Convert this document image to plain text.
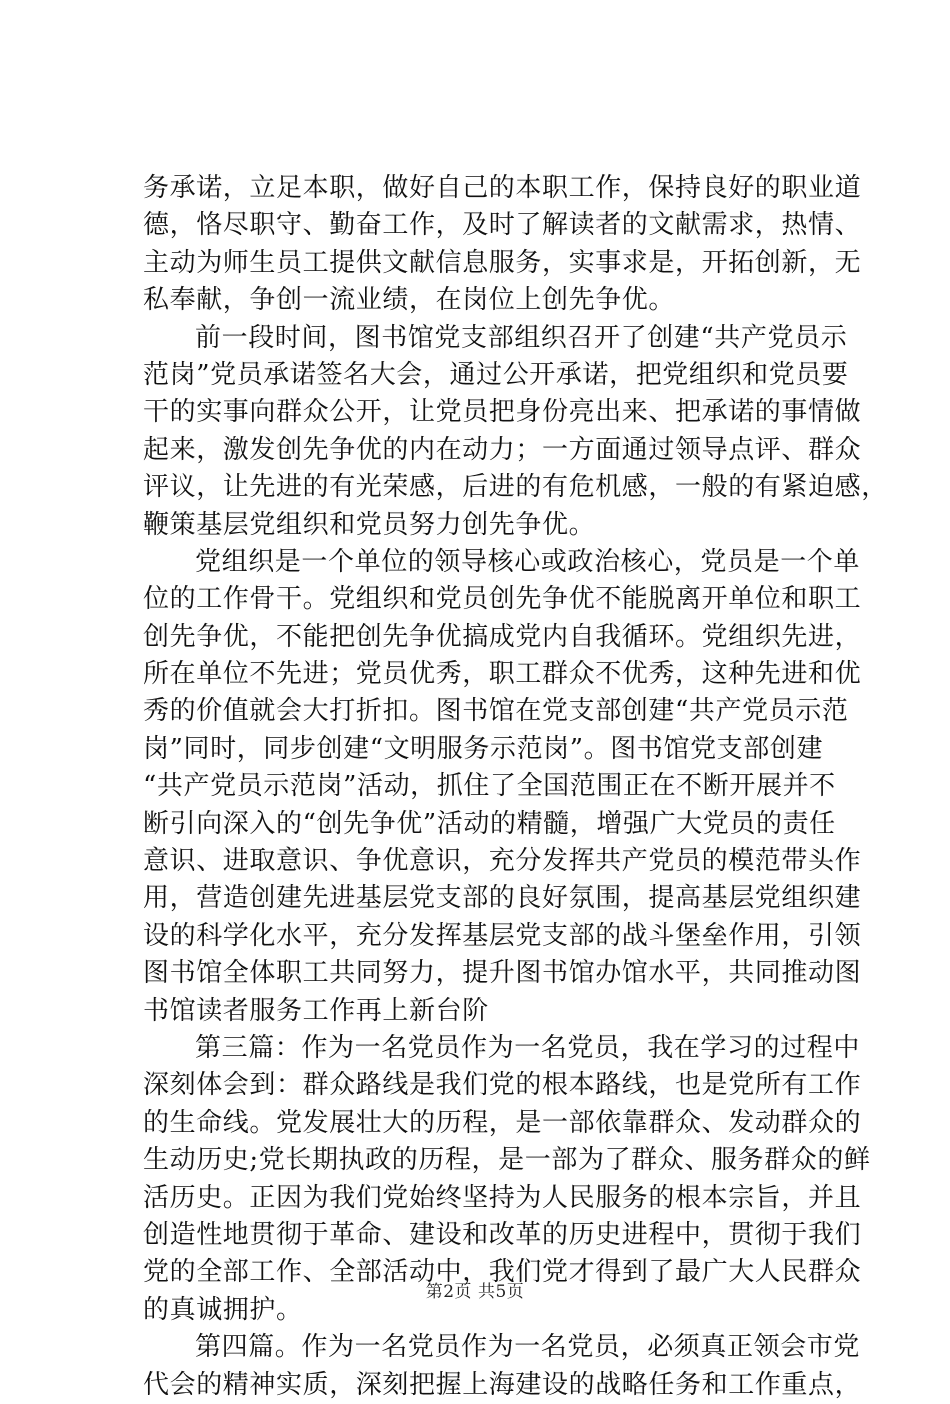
务承诺，立足本职，做好自己的本职工作，保持良好的职业道
德，恪尽职守、勤奋工作，及时了解读者的文献需求，热情、
主动为师生员工提供文献信息服务，实事求是，开拓创新，无
私奉献，争创一流业绩，在岗位上创先争优。
前一段时间，图书馆党支部组织召开了创建“共产党员示
范岗”党员承诺签名大会，通过公开承诺，把党组织和党员要
干的实事向群众公开，让党员把身份亮出来、把承诺的事情做
起来，激发创先争优的内在动力；一方面通过领导点评、群众
评议，让先进的有光荣感，后进的有危机感，一般的有紧迫感，
鞭策基层党组织和党员努力创先争优。
党组织是一个单位的领导核心或政治核心，党员是一个单
位的工作骨干。党组织和党员创先争优不能脱离开单位和职工
创先争优，不能把创先争优搞成党内自我循环。党组织先进，
所在单位不先进；党员优秀，职工群众不优秀，这种先进和优
秀的价值就会大打折扣。图书馆在党支部创建“共产党员示范
岗”同时，同步创建“文明服务示范岗”。图书馆党支部创建
“共产党员示范岗”活动，抓住了全国范围正在不断开展并不
断引向深入的“创先争优”活动的精髓，增强广大党员的责任
意识、进取意识、争优意识，充分发挥共产党员的模范带头作
用，营造创建先进基层党支部的良好氛围，提高基层党组织建
设的科学化水平，充分发挥基层党支部的战斗堡垒作用，引领
图书馆全体职工共同努力，提升图书馆办馆水平，共同推动图
书馆读者服务工作再上新台阶
第三篇：作为一名党员作为一名党员，我在学习的过程中
深刻体会到：群众路线是我们党的根本路线，也是党所有工作
的生命线。党发展壮大的历程，是一部依靠群众、发动群众的
生动历史;党长期执政的历程，是一部为了群众、服务群众的鲜
活历史。正因为我们党始终坚持为人民服务的根本宗旨，并且
创造性地贯彻于革命、建设和改革的历史进程中，贯彻于我们
党的全部工作、全部活动中，我们党才得到了最广大人民群众
的真诚拥护。
第四篇。作为一名党员作为一名党员，必须真正领会市党
代会的精神实质，深刻把握上海建设的战略任务和工作重点，
第2页 共5页
